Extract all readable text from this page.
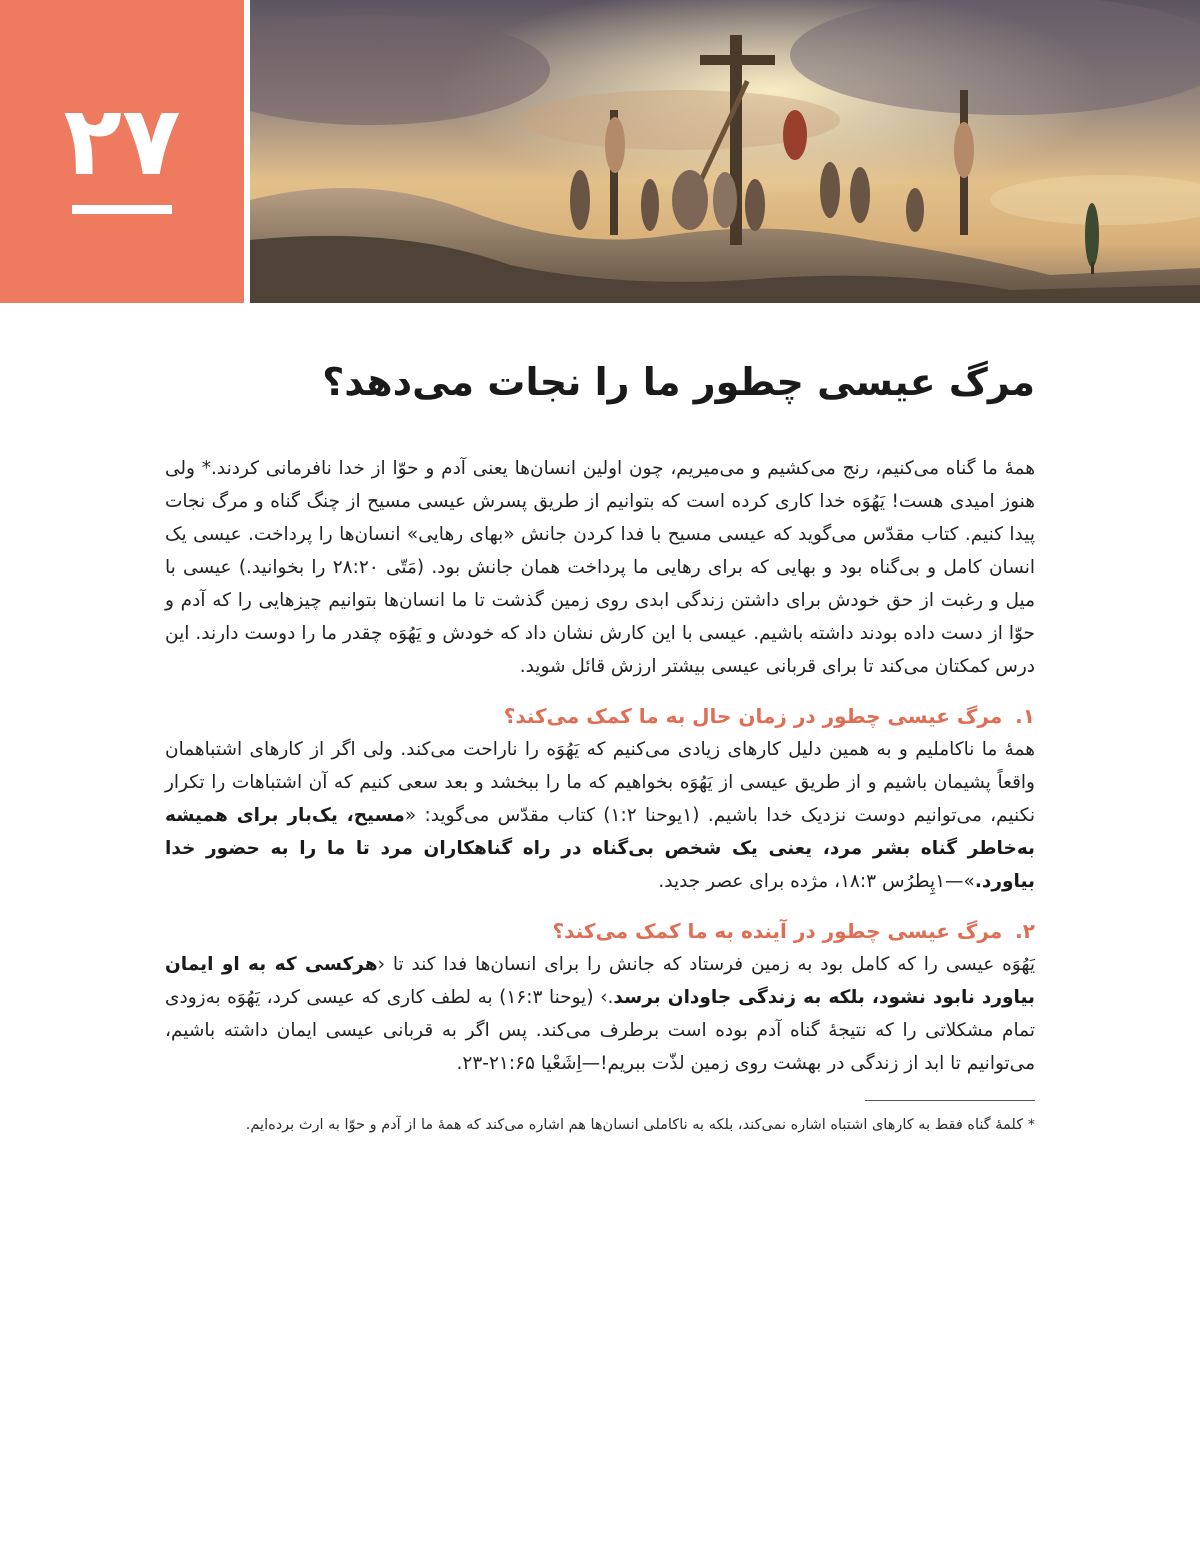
۲۷
مرگ عیسی چطور ما را نجات می‌دهد؟

همهٔ ما گناه می‌کنیم، رنج می‌کشیم و می‌میریم، چون اولین انسان‌ها یعنی آدم و حوّا از خدا نافرمانی کردند.* ولی هنوز امیدی هست! یَهُوَه خدا کاری کرده است که بتوانیم از طریق پسرش عیسی مسیح از چنگ گناه و مرگ نجات پیدا کنیم. کتاب مقدّس می‌گوید که عیسی مسیح با فدا کردن جانش «بهای رهایی» انسان‌ها را پرداخت. عیسی یک انسان کامل و بی‌گناه بود و بهایی که برای رهایی ما پرداخت همان جانش بود. (مَتّی ۲۸:۲۰ را بخوانید.) عیسی با میل و رغبت از حق خودش برای داشتن زندگی ابدی روی زمین گذشت تا ما انسان‌ها بتوانیم چیزهایی را که آدم و حوّا از دست داده بودند داشته باشیم. عیسی با این کارش نشان داد که خودش و یَهُوَه چقدر ما را دوست دارند. این درس کمکتان می‌کند تا برای قربانی عیسی بیشتر ارزش قائل شوید.

۱. مرگ عیسی چطور در زمان حال به ما کمک می‌کند؟

همهٔ ما ناکاملیم و به همین دلیل کارهای زیادی می‌کنیم که یَهُوَه را ناراحت می‌کند. ولی اگر از کارهای اشتباهمان واقعاً پشیمان باشیم و از طریق عیسی از یَهُوَه بخواهیم که ما را ببخشد و بعد سعی کنیم که آن اشتباهات را تکرار نکنیم، می‌توانیم دوست نزدیک خدا باشیم. (۱یوحنا ۱:۲) کتاب مقدّس می‌گوید: «مسیح، یک‌بار برای همیشه به‌خاطر گناه بشر مرد، یعنی یک شخص بی‌گناه در راه گناهکاران مرد تا ما را به حضور خدا بیاورد.»—۱پِطرُس ۱۸:۳، مژده برای عصر جدید.

۲. مرگ عیسی چطور در آینده به ما کمک می‌کند؟

یَهُوَه عیسی را که کامل بود به زمین فرستاد که جانش را برای انسان‌ها فدا کند تا ‹هرکسی که به او ایمان بیاورد نابود نشود، بلکه به زندگی جاودان برسد.› (یوحنا ۱۶:۳) به لطف کاری که عیسی کرد، یَهُوَه به‌زودی تمام مشکلاتی را که نتیجهٔ گناه آدم بوده است برطرف می‌کند. پس اگر به قربانی عیسی ایمان داشته باشیم، می‌توانیم تا ابد از زندگی در بهشت روی زمین لذّت ببریم!—اِشَعْیا ۲۱:۶۵-۲۳.

* کلمهٔ گناه فقط به کارهای اشتباه اشاره نمی‌کند، بلکه به ناکاملی انسان‌ها هم اشاره می‌کند که همهٔ ما از آدم و حوّا به ارث برده‌ایم.
